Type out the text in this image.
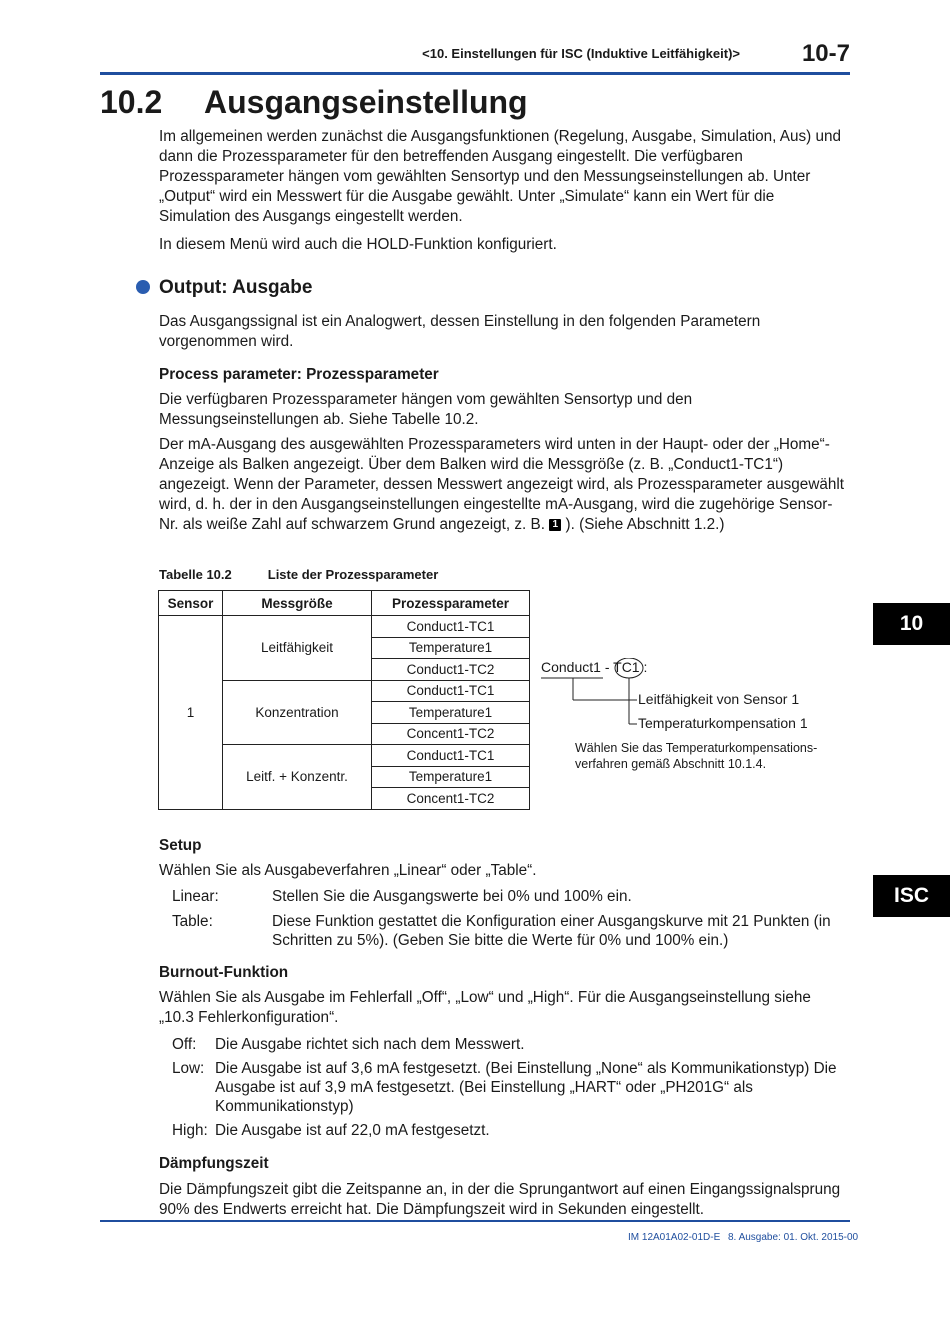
<10. Einstellungen für ISC (Induktive Leitfähigkeit)>	10-7
10.2 Ausgangseinstellung

Im allgemeinen werden zunächst die Ausgangsfunktionen (Regelung, Ausgabe, Simulation, Aus) und dann die Prozessparameter für den betreffenden Ausgang eingestellt. Die verfügbaren Prozessparameter hängen vom gewählten Sensortyp und den Messungseinstellungen ab. Unter „Output“ wird ein Messwert für die Ausgabe gewählt. Unter „Simulate“ kann ein Wert für die Simulation des Ausgangs eingestellt werden.

In diesem Menü wird auch die HOLD-Funktion konfiguriert.

Output: Ausgabe

Das Ausgangssignal ist ein Analogwert, dessen Einstellung in den folgenden Parametern vorgenommen wird.

Process parameter: Prozessparameter

Die verfügbaren Prozessparameter hängen vom gewählten Sensortyp und den Messungseinstellungen ab. Siehe Tabelle 10.2.

Der mA-Ausgang des ausgewählten Prozessparameters wird unten in der Haupt- oder der „Home“-Anzeige als Balken angezeigt. Über dem Balken wird die Messgröße (z. B. „Conduct1-TC1“) angezeigt. Wenn der Parameter, dessen Messwert angezeigt wird, als Prozessparameter ausgewählt wird, d. h. der in den Ausgangseinstellungen eingestellte mA-Ausgang, wird die zugehörige Sensor-Nr. als weiße Zahl auf schwarzem Grund angezeigt, z. B. 1 ). (Siehe Abschnitt 1.2.)

Tabelle 10.2	Liste der Prozessparameter
Sensor	Messgröße	Prozessparameter
1	Leitfähigkeit	Conduct1-TC1
		Temperature1
		Conduct1-TC2
	Konzentration	Conduct1-TC1
		Temperature1
		Concent1-TC2
	Leitf. + Konzentr.	Conduct1-TC1
		Temperature1
		Concent1-TC2
Conduct1 - TC1 :
Leitfähigkeit von Sensor 1
Temperaturkompensation 1
Wählen Sie das Temperaturkompensations-verfahren gemäß Abschnitt 10.1.4.
10
ISC
Setup

Wählen Sie als Ausgabeverfahren „Linear“ oder „Table“.

Linear:	Stellen Sie die Ausgangswerte bei 0% und 100% ein.
Table:	Diese Funktion gestattet die Konfiguration einer Ausgangskurve mit 21 Punkten (in Schritten zu 5%). (Geben Sie bitte die Werte für 0% und 100% ein.)
Burnout-Funktion

Wählen Sie als Ausgabe im Fehlerfall „Off“, „Low“ und „High“. Für die Ausgangseinstellung siehe „10.3 Fehlerkonfiguration“.

Off: Die Ausgabe richtet sich nach dem Messwert.
Low: Die Ausgabe ist auf 3,6 mA festgesetzt. (Bei Einstellung „None“ als Kommunikationstyp) Die Ausgabe ist auf 3,9 mA festgesetzt. (Bei Einstellung „HART“ oder „PH201G“ als Kommunikationstyp)
High: Die Ausgabe ist auf 22,0 mA festgesetzt.
Dämpfungszeit

Die Dämpfungszeit gibt die Zeitspanne an, in der die Sprungantwort auf einen Eingangssignalsprung 90% des Endwerts erreicht hat. Die Dämpfungszeit wird in Sekunden eingestellt.

IM 12A01A02-01D-E 8. Ausgabe: 01. Okt. 2015-00
